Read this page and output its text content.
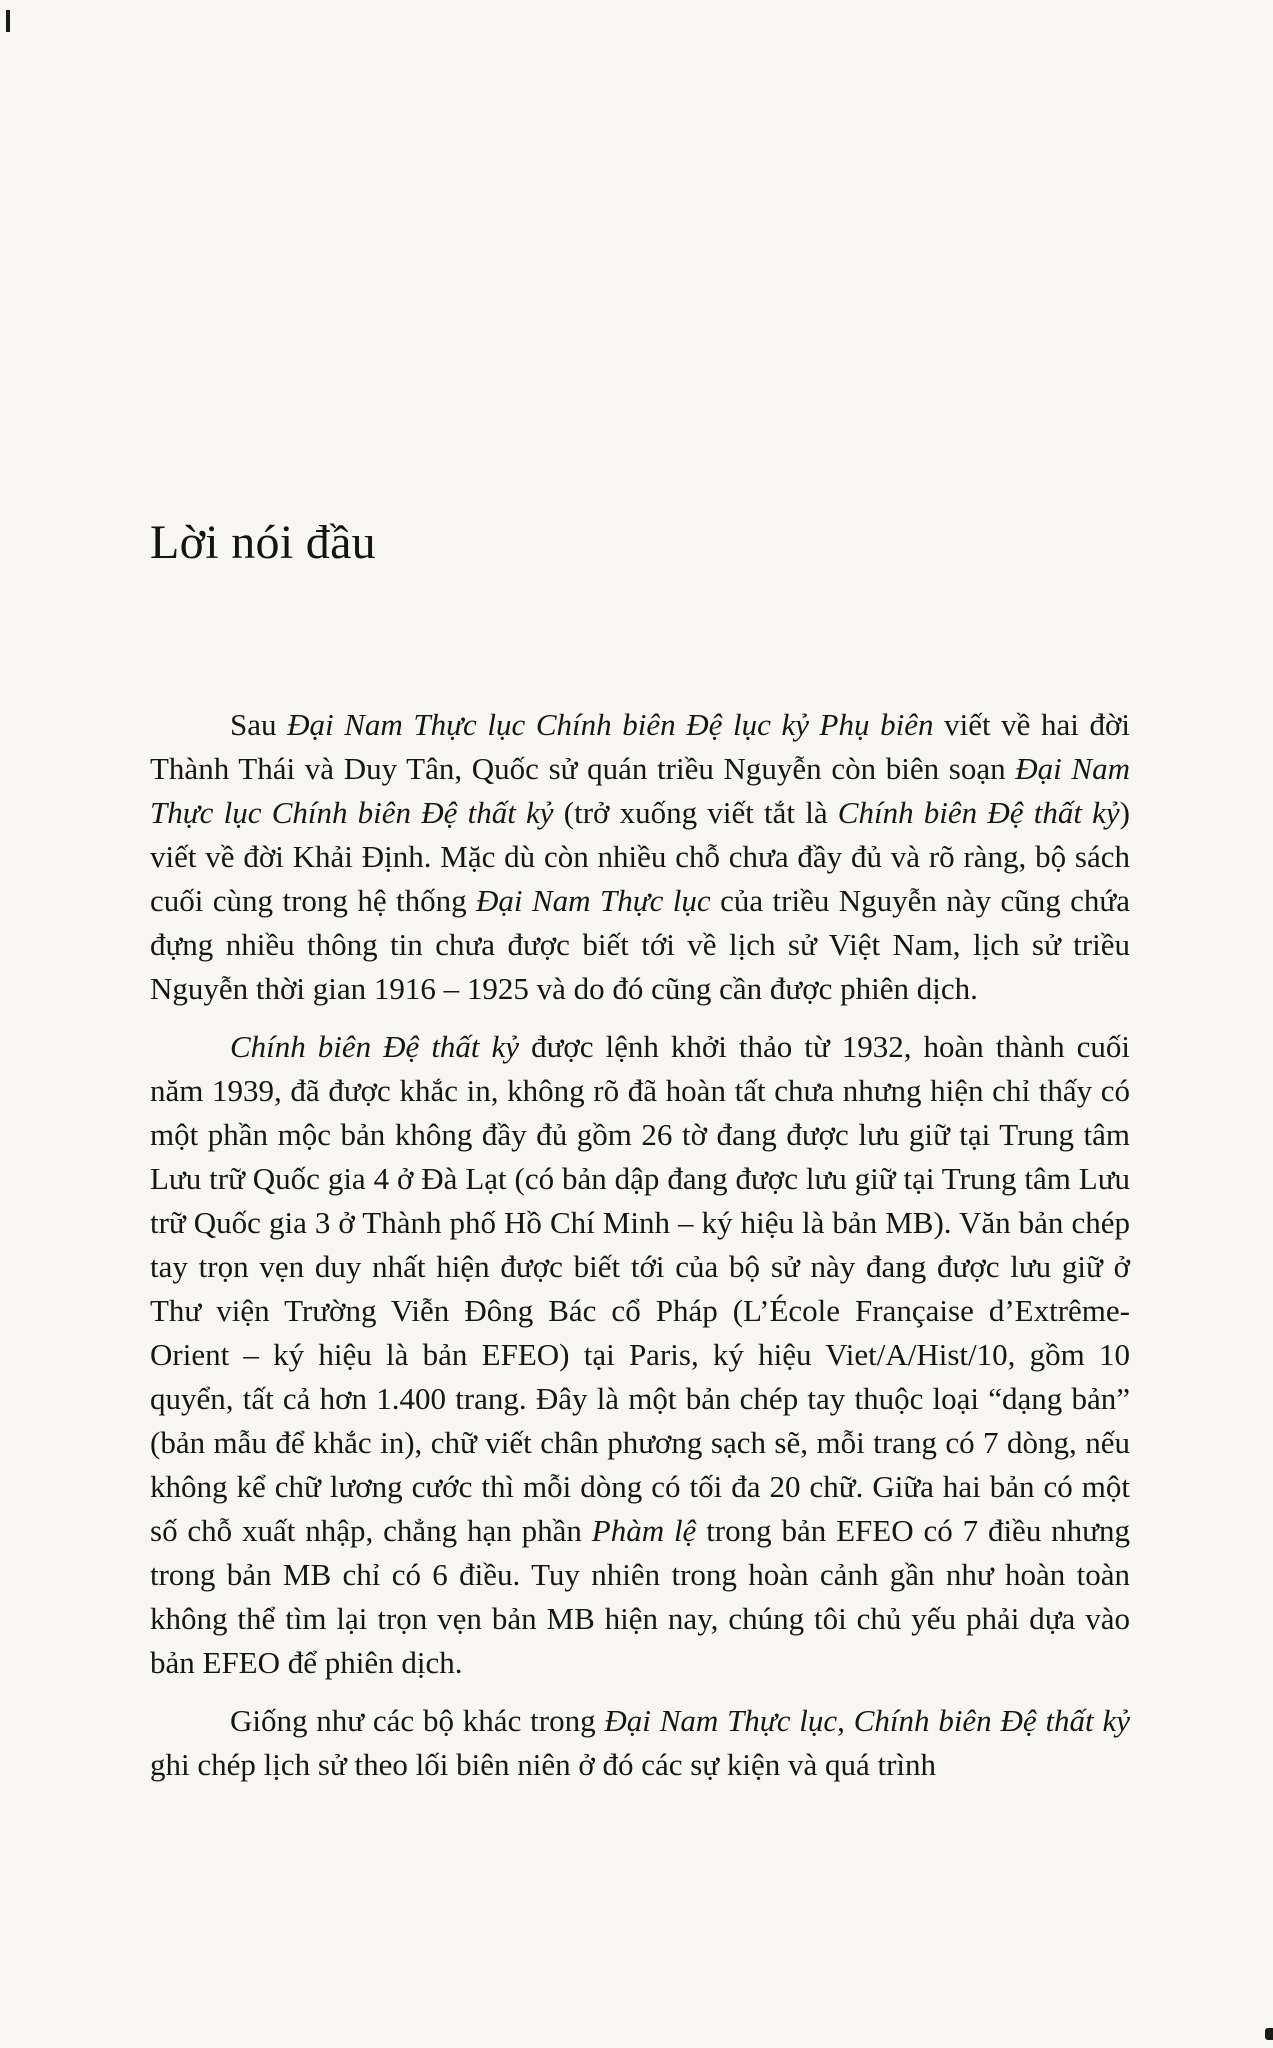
Lời nói đầu

Sau Đại Nam Thực lục Chính biên Đệ lục kỷ Phụ biên viết về hai đời Thành Thái và Duy Tân, Quốc sử quán triều Nguyễn còn biên soạn Đại Nam Thực lục Chính biên Đệ thất kỷ (trở xuống viết tắt là Chính biên Đệ thất kỷ) viết về đời Khải Định. Mặc dù còn nhiều chỗ chưa đầy đủ và rõ ràng, bộ sách cuối cùng trong hệ thống Đại Nam Thực lục của triều Nguyễn này cũng chứa đựng nhiều thông tin chưa được biết tới về lịch sử Việt Nam, lịch sử triều Nguyễn thời gian 1916 – 1925 và do đó cũng cần được phiên dịch.

Chính biên Đệ thất kỷ được lệnh khởi thảo từ 1932, hoàn thành cuối năm 1939, đã được khắc in, không rõ đã hoàn tất chưa nhưng hiện chỉ thấy có một phần mộc bản không đầy đủ gồm 26 tờ đang được lưu giữ tại Trung tâm Lưu trữ Quốc gia 4 ở Đà Lạt (có bản dập đang được lưu giữ tại Trung tâm Lưu trữ Quốc gia 3 ở Thành phố Hồ Chí Minh – ký hiệu là bản MB). Văn bản chép tay trọn vẹn duy nhất hiện được biết tới của bộ sử này đang được lưu giữ ở Thư viện Trường Viễn Đông Bác cổ Pháp (L’École Française d’Extrême-Orient – ký hiệu là bản EFEO) tại Paris, ký hiệu Viet/A/Hist/10, gồm 10 quyển, tất cả hơn 1.400 trang. Đây là một bản chép tay thuộc loại “dạng bản” (bản mẫu để khắc in), chữ viết chân phương sạch sẽ, mỗi trang có 7 dòng, nếu không kể chữ lương cước thì mỗi dòng có tối đa 20 chữ. Giữa hai bản có một số chỗ xuất nhập, chẳng hạn phần Phàm lệ trong bản EFEO có 7 điều nhưng trong bản MB chỉ có 6 điều. Tuy nhiên trong hoàn cảnh gần như hoàn toàn không thể tìm lại trọn vẹn bản MB hiện nay, chúng tôi chủ yếu phải dựa vào bản EFEO để phiên dịch.

Giống như các bộ khác trong Đại Nam Thực lục, Chính biên Đệ thất kỷ ghi chép lịch sử theo lối biên niên ở đó các sự kiện và quá trình
